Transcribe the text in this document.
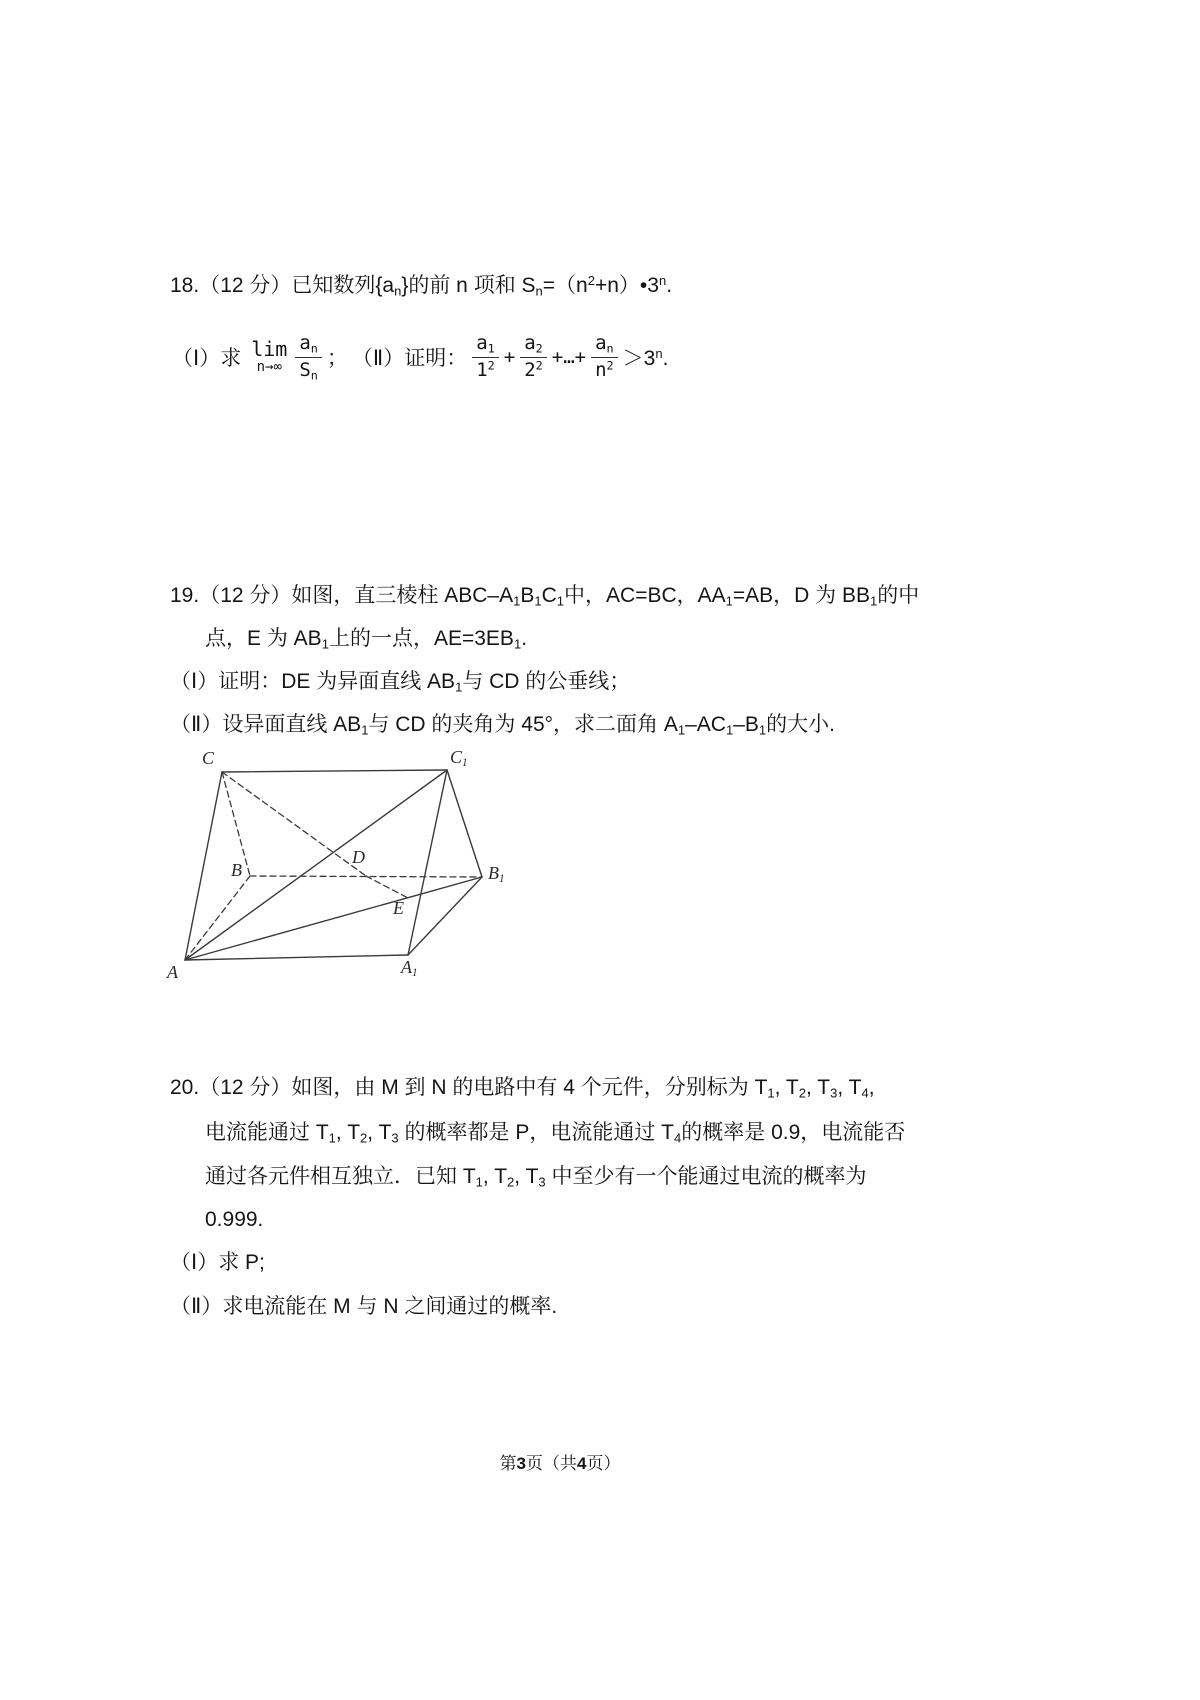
18.（12 分）已知数列$\{a_n\}$的前 n 项和 $S_n=(n^2+n)•3^n$.
（Ⅰ）求 lim
$n\to\infty \frac{a_n}{S_n}$ ； （Ⅱ）证明： $\frac{a_1}{1^2} + \frac{a_2}{2^2}$ +…+ $\frac{a_n}{n^2} >3^n$.
19.（12 分）如图，直三棱柱 ABC–$A_1B_1C_1$中，AC=BC，$AA_1=AB$，D 为 $BB_1$的中
点，E 为 $AB_1$上的一点，$AE=3EB_1$.
（Ⅰ）证明：DE 为异面直线 $AB_1$与 CD 的公垂线；
（Ⅱ）设异面直线 $AB_1$与 CD 的夹角为 45°，求二面角 $A_1-AC_1-B_1$的大小.
C	$C_1$
B
D
$B_1$
E
A	$A_1$
20.（12 分）如图，由 M 到 N 的电路中有 4 个元件，分别标为 $T_1$, $T_2$, $T_3$, $T_4$,
电流能通过 $T_1$, $T_2$, $T_3$ 的概率都是 P，电流能通过 $T_4$的概率是 0.9，电流能否
通过各元件相互独立．已知 $T_1$, $T_2$, $T_3$ 中至少有一个能通过电流的概率为
0.999.
（Ⅰ）求 P;
（Ⅱ）求电流能在 M 与 N 之间通过的概率.
第3页（共4页）
